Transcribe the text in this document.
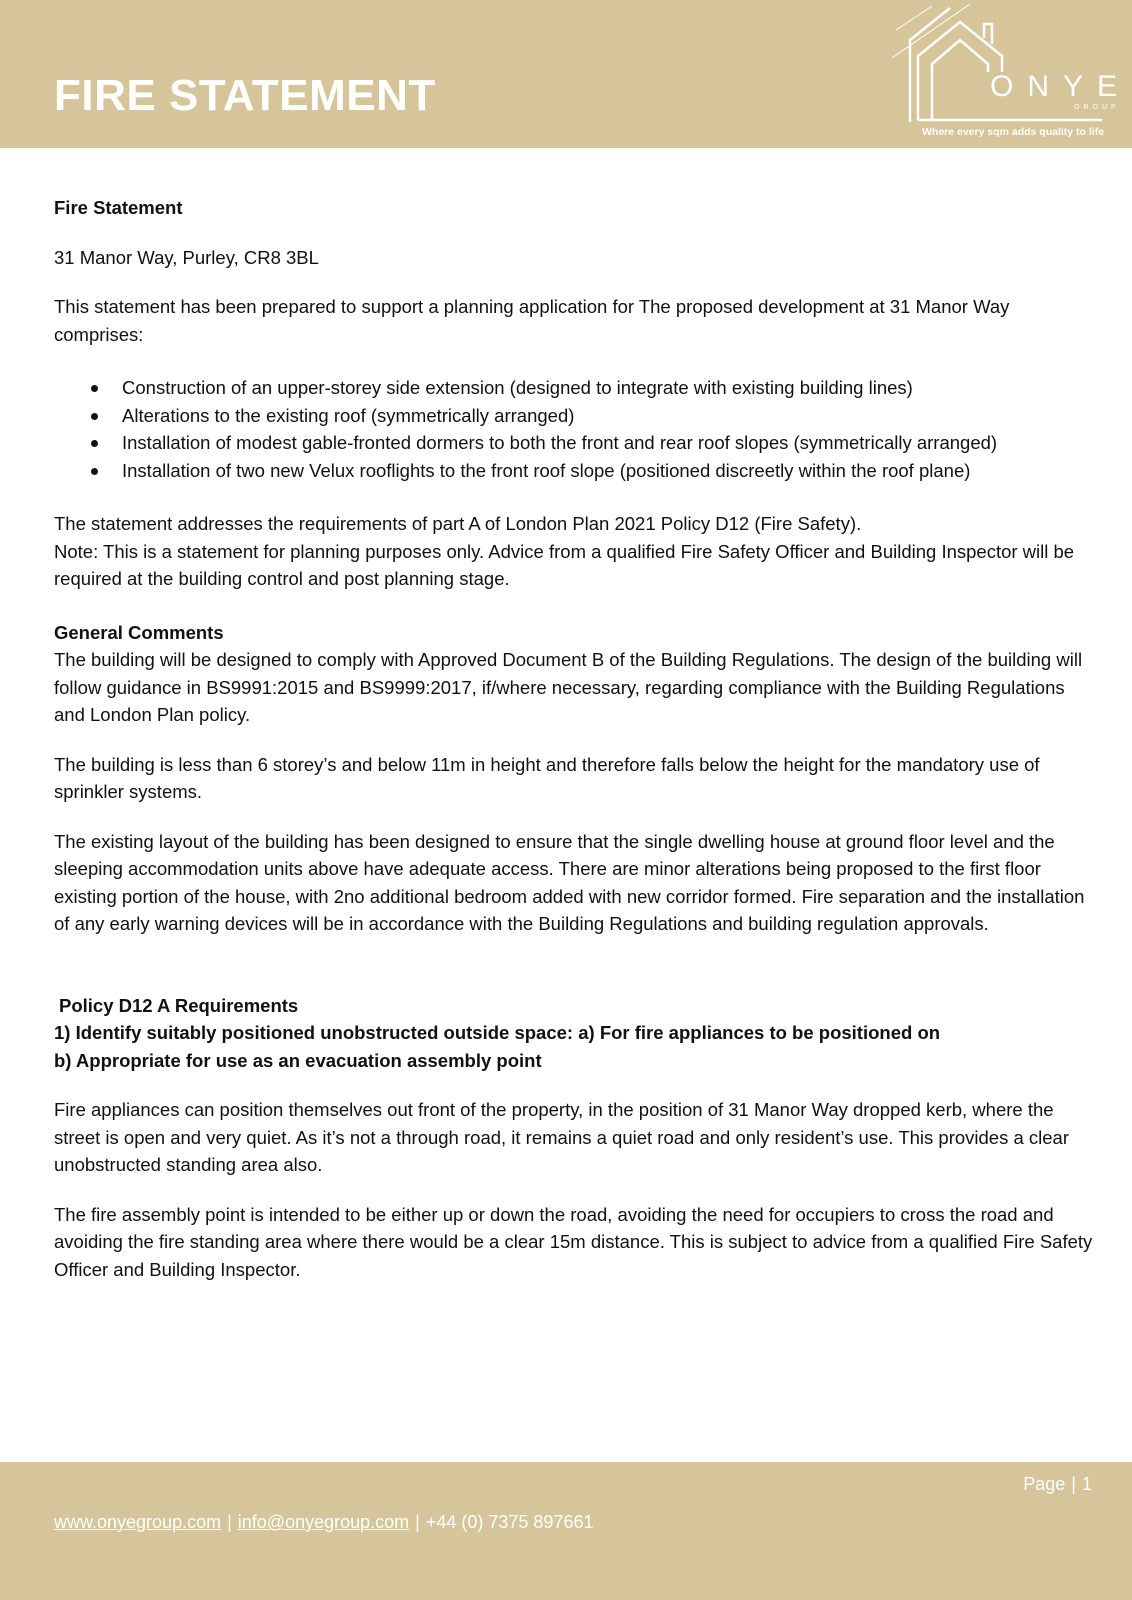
FIRE STATEMENT	ONYE
GROUP
Where every sqm adds quality to life

Fire Statement

31 Manor Way, Purley, CR8 3BL

This statement has been prepared to support a planning application for The proposed development at 31 Manor Way comprises:

Construction of an upper-storey side extension (designed to integrate with existing building lines)
Alterations to the existing roof (symmetrically arranged)
Installation of modest gable-fronted dormers to both the front and rear roof slopes (symmetrically arranged)
Installation of two new Velux rooflights to the front roof slope (positioned discreetly within the roof plane)

The statement addresses the requirements of part A of London Plan 2021 Policy D12 (Fire Safety).

Note: This is a statement for planning purposes only. Advice from a qualified Fire Safety Officer and Building Inspector will be required at the building control and post planning stage.

General Comments

The building will be designed to comply with Approved Document B of the Building Regulations. The design of the building will follow guidance in BS9991:2015 and BS9999:2017, if/where necessary, regarding compliance with the Building Regulations and London Plan policy.

The building is less than 6 storey’s and below 11m in height and therefore falls below the height for the mandatory use of sprinkler systems.

The existing layout of the building has been designed to ensure that the single dwelling house at ground floor level and the sleeping accommodation units above have adequate access. There are minor alterations being proposed to the first floor existing portion of the house, with 2no additional bedroom added with new corridor formed. Fire separation and the installation of any early warning devices will be in accordance with the Building Regulations and building regulation approvals.

Policy D12 A Requirements

1) Identify suitably positioned unobstructed outside space: a) For fire appliances to be positioned on

b) Appropriate for use as an evacuation assembly point

Fire appliances can position themselves out front of the property, in the position of 31 Manor Way dropped kerb, where the street is open and very quiet. As it’s not a through road, it remains a quiet road and only resident’s use. This provides a clear unobstructed standing area also.

The fire assembly point is intended to be either up or down the road, avoiding the need for occupiers to cross the road and avoiding the fire standing area where there would be a clear 15m distance. This is subject to advice from a qualified Fire Safety Officer and Building Inspector.

Page | 1
www.onyegroup.com | info@onyegroup.com | +44 (0) 7375 897661
